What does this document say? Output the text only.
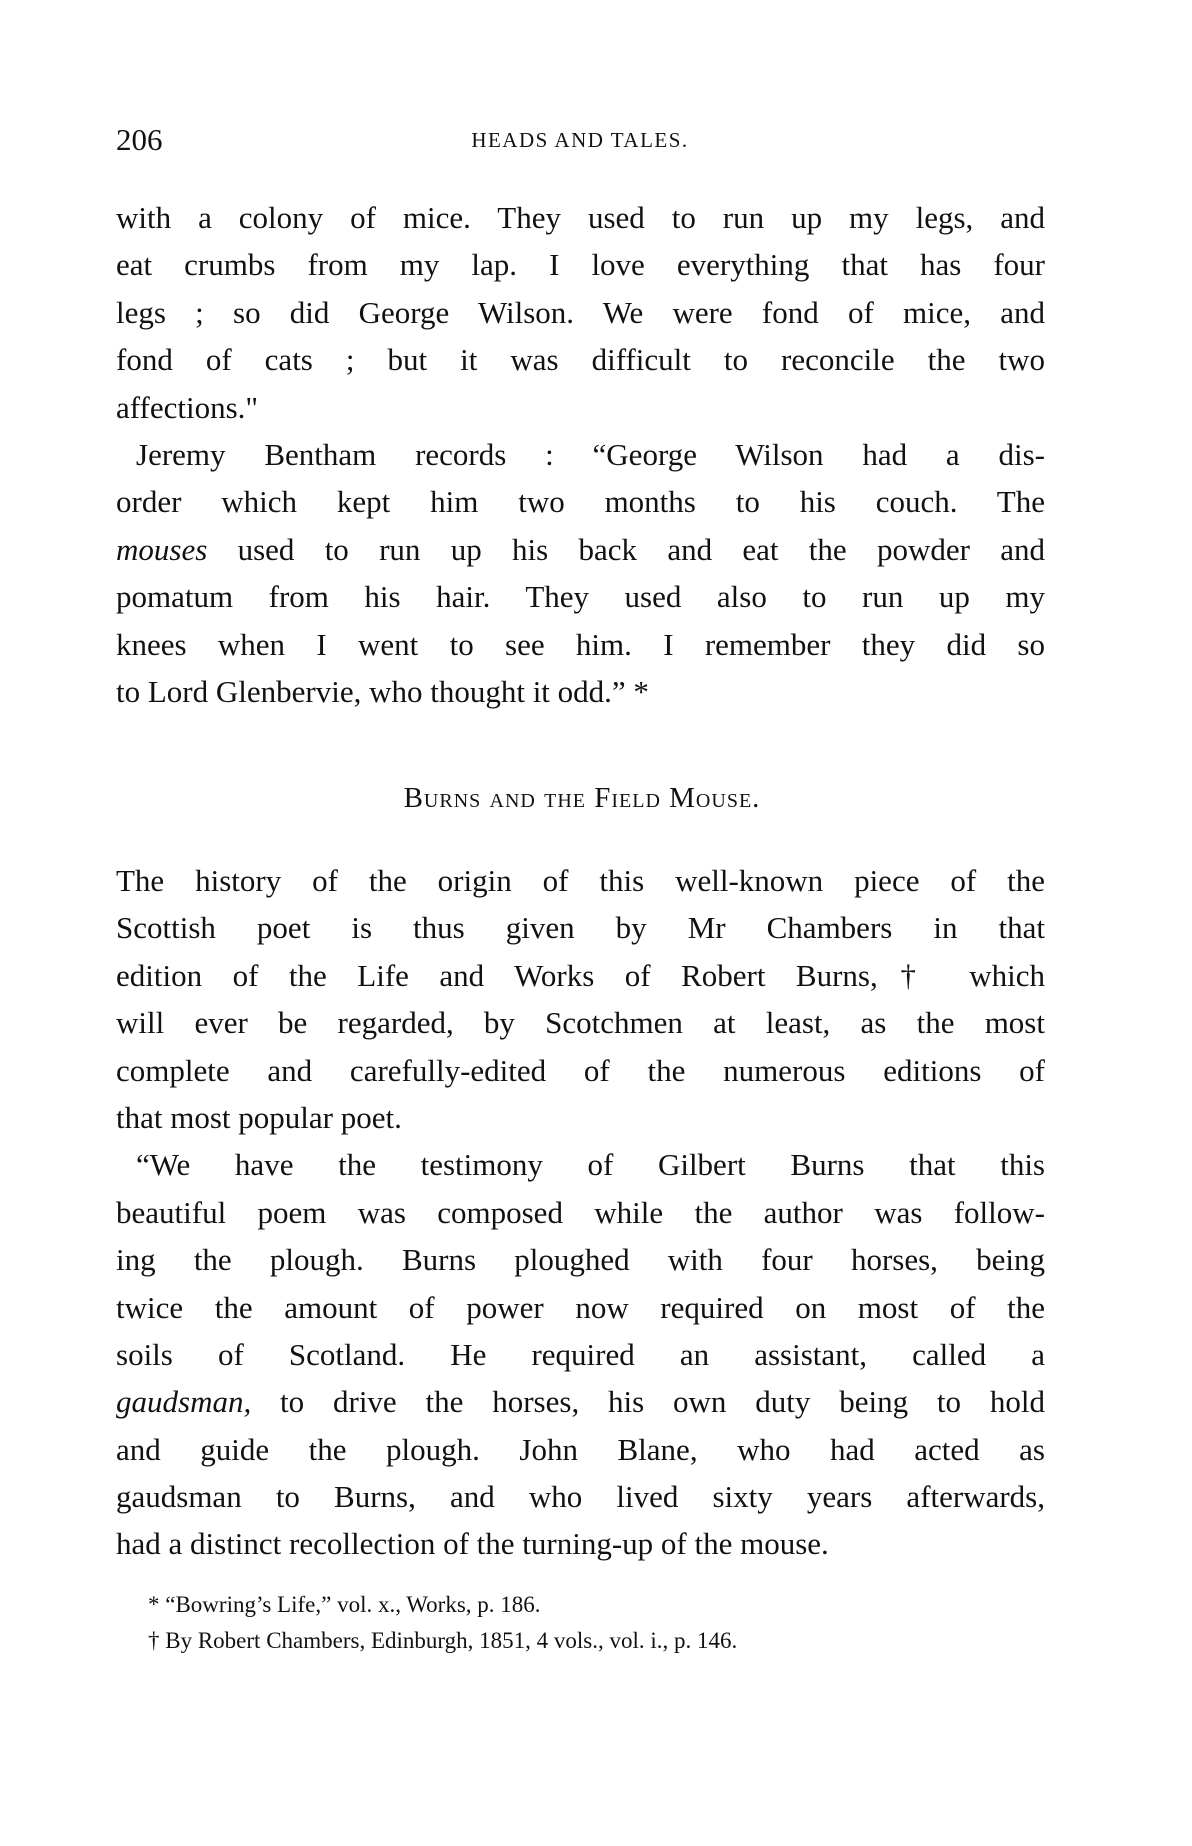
206	HEADS AND TALES.
with a colony of mice. They used to run up my legs, and
eat crumbs from my lap. I love everything that has four
legs ; so did George Wilson. We were fond of mice, and
fond of cats ; but it was difficult to reconcile the two
affections."
Jeremy Bentham records : “George Wilson had a dis-
order which kept him two months to his couch. The
mouses used to run up his back and eat the powder and
pomatum from his hair. They used also to run up my
knees when I went to see him. I remember they did so
to Lord Glenbervie, who thought it odd.” *
Burns and the Field Mouse.
The history of the origin of this well-known piece of the
Scottish poet is thus given by Mr Chambers in that
edition of the Life and Works of Robert Burns,† which
will ever be regarded, by Scotchmen at least, as the most
complete and carefully-edited of the numerous editions of
that most popular poet.
“We have the testimony of Gilbert Burns that this
beautiful poem was composed while the author was follow-
ing the plough. Burns ploughed with four horses, being
twice the amount of power now required on most of the
soils of Scotland. He required an assistant, called a
gaudsman, to drive the horses, his own duty being to hold
and guide the plough. John Blane, who had acted as
gaudsman to Burns, and who lived sixty years afterwards,
had a distinct recollection of the turning-up of the mouse.
* “Bowring’s Life,” vol. x., Works, p. 186.
† By Robert Chambers, Edinburgh, 1851, 4 vols., vol. i., p. 146.
